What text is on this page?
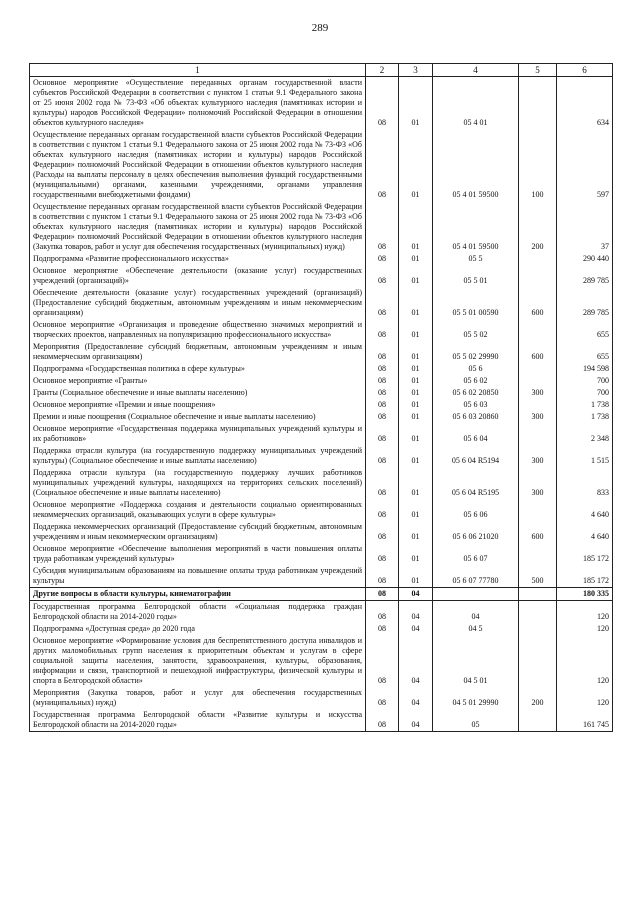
289
1	2	3	4	5	6
Основное мероприятие «Осуществление переданных органам государственной власти субъектов Российской Федерации в соответствии с пунктом 1 статьи 9.1 Федерального закона от 25 июня 2002 года № 73-ФЗ «Об объектах культурного наследия (памятниках истории и культуры) народов Российской Федерации» полномочий Российской Федерации в отношении объектов культурного наследия»	08	01	05 4 01		634
Осуществление переданных органам государственной власти субъектов Российской Федерации в соответствии с пунктом 1 статьи 9.1 Федерального закона от 25 июня 2002 года № 73-ФЗ «Об объектах культурного наследия (памятниках истории и культуры) народов Российской Федерации» полномочий Российской Федерации в отношении объектов культурного наследия (Расходы на выплаты персоналу в целях обеспечения выполнения функций государственными (муниципальными) органами, казенными учреждениями, органами управления государственными внебюджетными фондами)	08	01	05 4 01 59500	100	597
Осуществление переданных органам государственной власти субъектов Российской Федерации в соответствии с пунктом 1 статьи 9.1 Федерального закона от 25 июня 2002 года № 73-ФЗ «Об объектах культурного наследия (памятниках истории и культуры) народов Российской Федерации» полномочий Российской Федерации в отношении объектов культурного наследия (Закупка товаров, работ и услуг для обеспечения государственных (муниципальных) нужд)	08	01	05 4 01 59500	200	37
Подпрограмма «Развитие профессионального искусства»	08	01	05 5		290 440
Основное мероприятие «Обеспечение деятельности (оказание услуг) государственных учреждений (организаций)»	08	01	05 5 01		289 785
Обеспечение деятельности (оказание услуг) государственных учреждений (организаций) (Предоставление субсидий бюджетным, автономным учреждениям и иным некоммерческим организациям)	08	01	05 5 01 00590	600	289 785
Основное мероприятие «Организация и проведение общественно значимых мероприятий и творческих проектов, направленных на популяризацию профессионального искусства»	08	01	05 5 02		655
Мероприятия (Предоставление субсидий бюджетным, автономным учреждениям и иным некоммерческим организациям)	08	01	05 5 02 29990	600	655
Подпрограмма «Государственная политика в сфере культуры»	08	01	05 6		194 598
Основное мероприятие «Гранты»	08	01	05 6 02		700
Гранты (Социальное обеспечение и иные выплаты населению)	08	01	05 6 02 20850	300	700
Основное мероприятие «Премии и иные поощрения»	08	01	05 6 03		1 738
Премии и иные поощрения (Социальное обеспечение и иные выплаты населению)	08	01	05 6 03 20860	300	1 738
Основное мероприятие «Государственная поддержка муниципальных учреждений культуры и их работников»	08	01	05 6 04		2 348
Поддержка отрасли культура (на государственную поддержку муниципальных учреждений культуры) (Социальное обеспечение и иные выплаты населению)	08	01	05 6 04 R5194	300	1 515
Поддержка отрасли культура (на государственную поддержку лучших работников муниципальных учреждений культуры, находящихся на территориях сельских поселений) (Социальное обеспечение и иные выплаты населению)	08	01	05 6 04 R5195	300	833
Основное мероприятие «Поддержка создания и деятельности социально ориентированных некоммерческих организаций, оказывающих услуги в сфере культуры»	08	01	05 6 06		4 640
Поддержка некоммерческих организаций (Предоставление субсидий бюджетным, автономным учреждениям и иным некоммерческим организациям)	08	01	05 6 06 21020	600	4 640
Основное мероприятие «Обеспечение выполнения мероприятий в части повышения оплаты труда работникам учреждений культуры»	08	01	05 6 07		185 172
Субсидия муниципальным образованиям на повышение оплаты труда работникам учреждений культуры	08	01	05 6 07 77780	500	185 172
Другие вопросы в области культуры, кинематографии	08	04			180 335
Государственная программа Белгородской области «Социальная поддержка граждан Белгородской области на 2014-2020 годы»	08	04	04		120
Подпрограмма «Доступная среда» до 2020 года	08	04	04 5		120
Основное мероприятие «Формирование условия для беспрепятственного доступа инвалидов и других маломобильных групп населения к приоритетным объектам и услугам в сфере социальной защиты населения, занятости, здравоохранения, культуры, образования, информации и связи, транспортной и пешеходной инфраструктуры, физической культуры и спорта в Белгородской области»	08	04	04 5 01		120
Мероприятия (Закупка товаров, работ и услуг для обеспечения государственных (муниципальных) нужд)	08	04	04 5 01 29990	200	120
Государственная программа Белгородской области «Развитие культуры и искусства Белгородской области на 2014-2020 годы»	08	04	05		161 745
